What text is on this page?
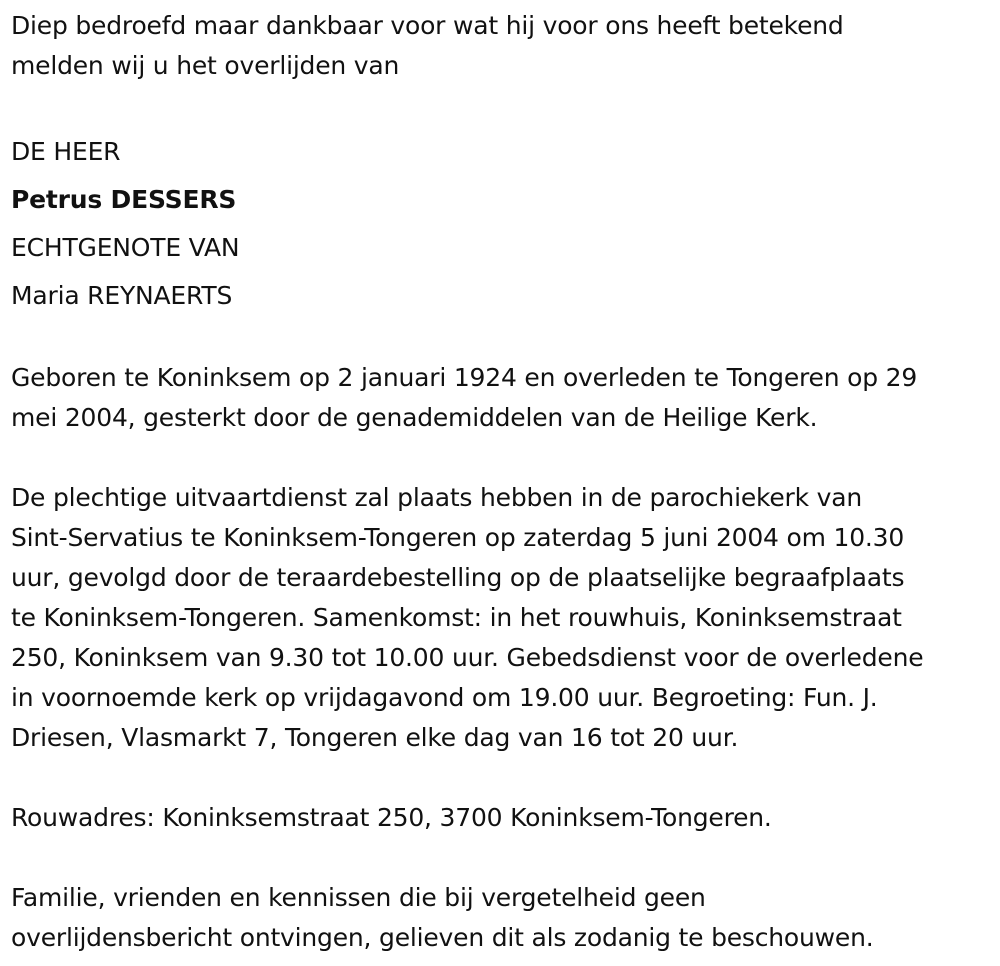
Diep bedroefd maar dankbaar voor wat hij voor ons heeft betekend
melden wij u het overlijden van

DE HEER

Petrus DESSERS

ECHTGENOTE VAN

Maria REYNAERTS

Geboren te Koninksem op 2 januari 1924 en overleden te Tongeren op 29
mei 2004, gesterkt door de genademiddelen van de Heilige Kerk.

De plechtige uitvaartdienst zal plaats hebben in de parochiekerk van
Sint-Servatius te Koninksem-Tongeren op zaterdag 5 juni 2004 om 10.30
uur, gevolgd door de teraardebestelling op de plaatselijke begraafplaats
te Koninksem-Tongeren. Samenkomst: in het rouwhuis, Koninksemstraat
250, Koninksem van 9.30 tot 10.00 uur. Gebedsdienst voor de overledene
in voornoemde kerk op vrijdagavond om 19.00 uur. Begroeting: Fun. J.
Driesen, Vlasmarkt 7, Tongeren elke dag van 16 tot 20 uur.

Rouwadres: Koninksemstraat 250, 3700 Koninksem-Tongeren.

Familie, vrienden en kennissen die bij vergetelheid geen
overlijdensbericht ontvingen, gelieven dit als zodanig te beschouwen.
